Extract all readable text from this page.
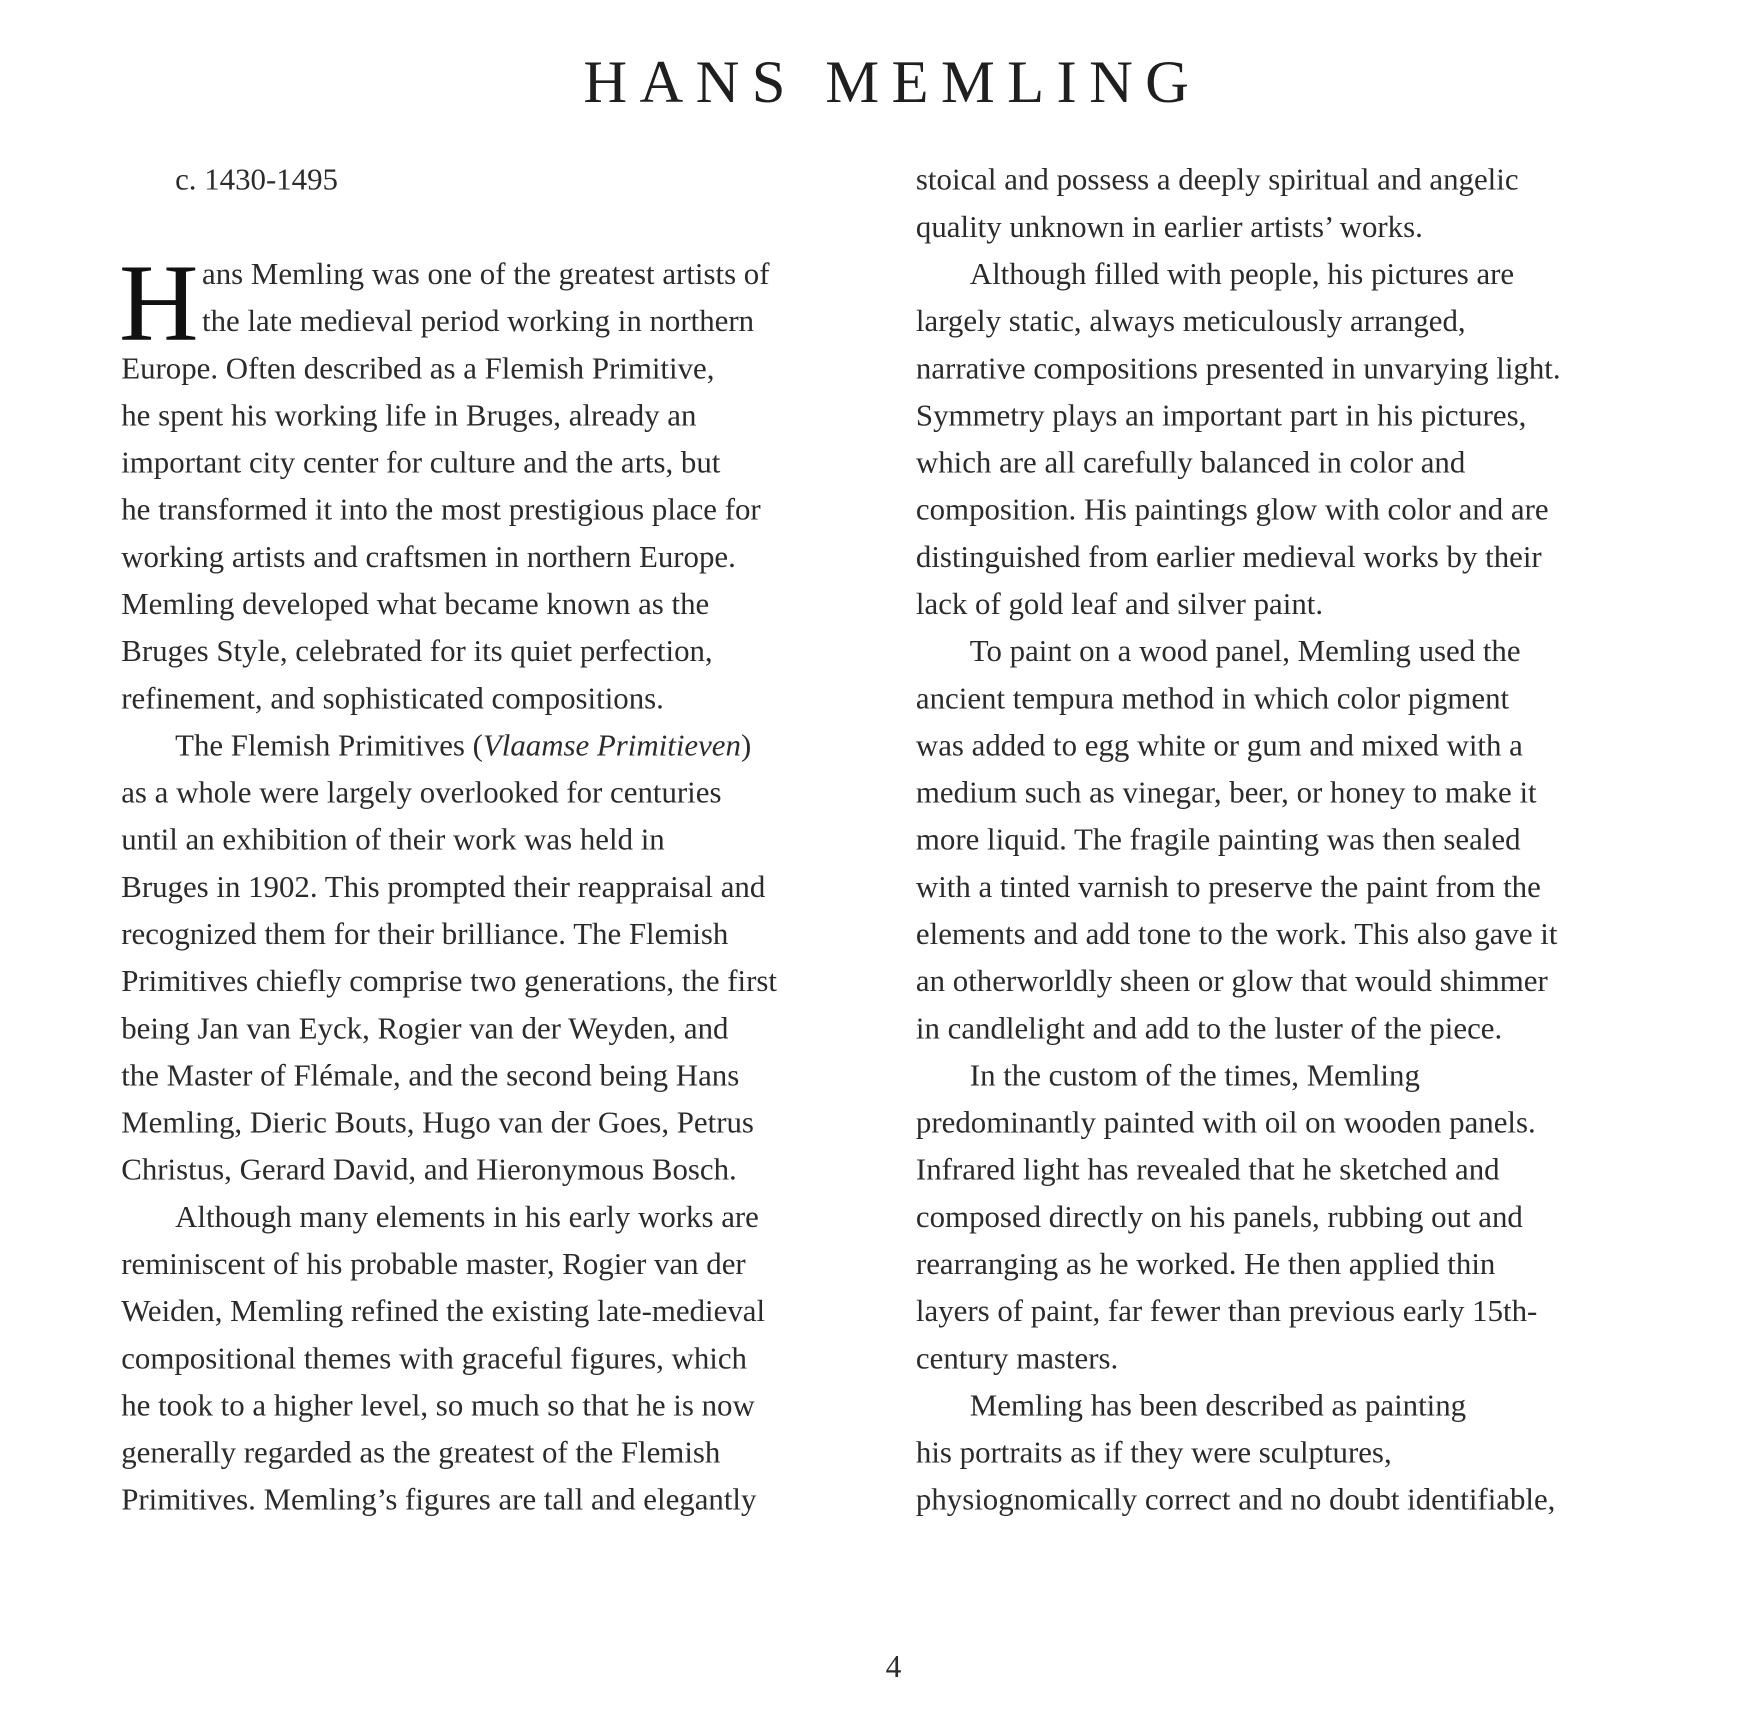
HANS MEMLING
c. 1430-1495
H ans Memling was one of the greatest artists of
the late medieval period working in northern
Europe. Often described as a Flemish Primitive,
he spent his working life in Bruges, already an
important city center for culture and the arts, but
he transformed it into the most prestigious place for
working artists and craftsmen in northern Europe.
Memling developed what became known as the
Bruges Style, celebrated for its quiet perfection,
refinement, and sophisticated compositions.
The Flemish Primitives (Vlaamse Primitieven)
as a whole were largely overlooked for centuries
until an exhibition of their work was held in
Bruges in 1902. This prompted their reappraisal and
recognized them for their brilliance. The Flemish
Primitives chiefly comprise two generations, the first
being Jan van Eyck, Rogier van der Weyden, and
the Master of Flémale, and the second being Hans
Memling, Dieric Bouts, Hugo van der Goes, Petrus
Christus, Gerard David, and Hieronymous Bosch.
Although many elements in his early works are
reminiscent of his probable master, Rogier van der
Weiden, Memling refined the existing late-medieval
compositional themes with graceful figures, which
he took to a higher level, so much so that he is now
generally regarded as the greatest of the Flemish
Primitives. Memling’s figures are tall and elegantly
stoical and possess a deeply spiritual and angelic
quality unknown in earlier artists’ works.
Although filled with people, his pictures are
largely static, always meticulously arranged,
narrative compositions presented in unvarying light.
Symmetry plays an important part in his pictures,
which are all carefully balanced in color and
composition. His paintings glow with color and are
distinguished from earlier medieval works by their
lack of gold leaf and silver paint.
To paint on a wood panel, Memling used the
ancient tempura method in which color pigment
was added to egg white or gum and mixed with a
medium such as vinegar, beer, or honey to make it
more liquid. The fragile painting was then sealed
with a tinted varnish to preserve the paint from the
elements and add tone to the work. This also gave it
an otherworldly sheen or glow that would shimmer
in candlelight and add to the luster of the piece.
In the custom of the times, Memling
predominantly painted with oil on wooden panels.
Infrared light has revealed that he sketched and
composed directly on his panels, rubbing out and
rearranging as he worked. He then applied thin
layers of paint, far fewer than previous early 15th-
century masters.
Memling has been described as painting
his portraits as if they were sculptures,
physiognomically correct and no doubt identifiable,
4
